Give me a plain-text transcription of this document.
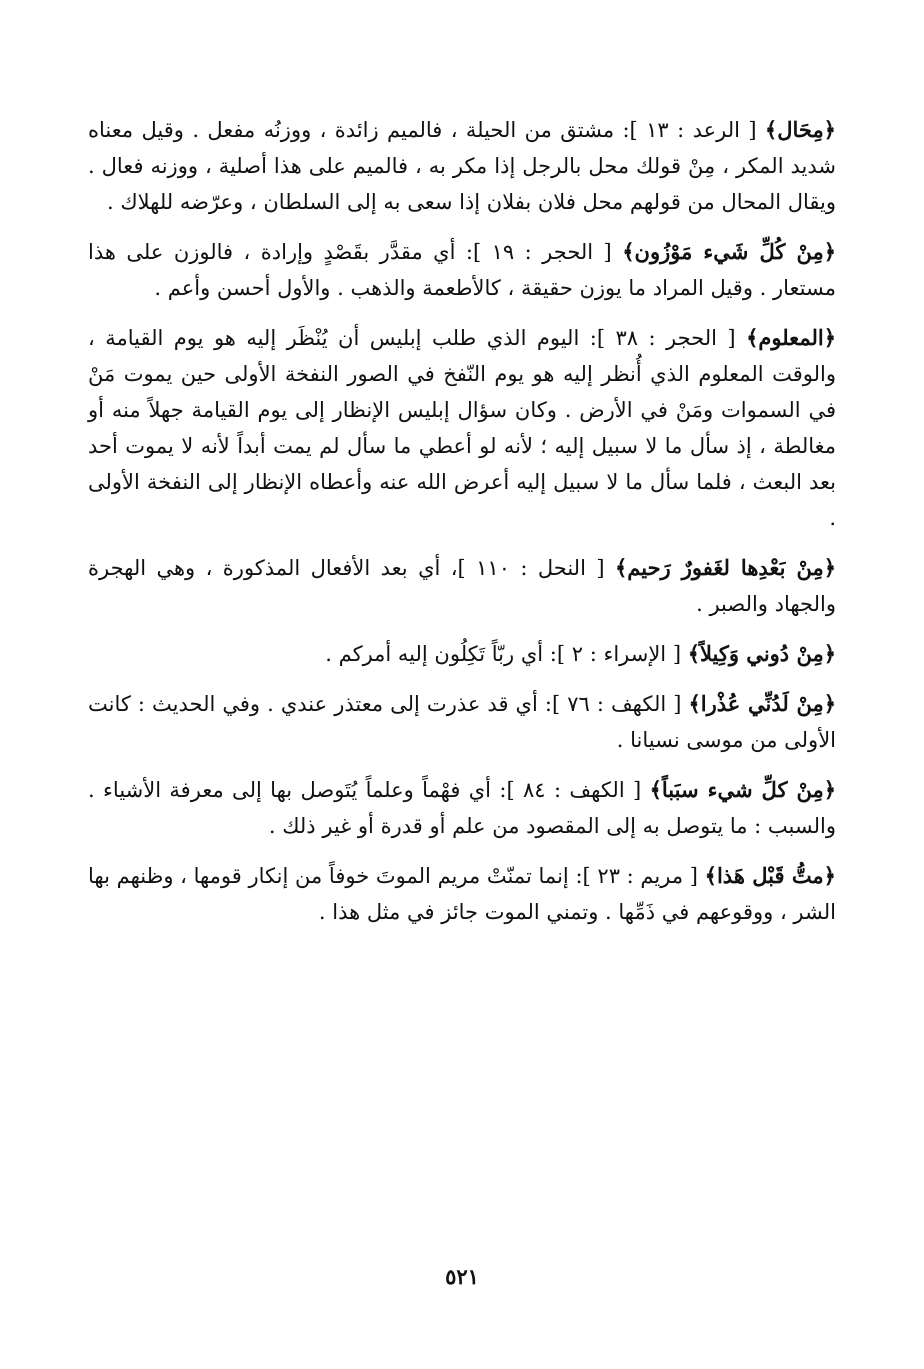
﴿مِحَال﴾ [ الرعد : ١٣ ]: مشتق من الحيلة ، فالميم زائدة ، ووزنُه مفعل . وقيل معناه شديد المكر ، مِنْ قولك محل بالرجل إذا مكر به ، فالميم على هذا أصلية ، ووزنه فعال . ويقال المحال من قولهم محل فلان بفلان إذا سعى به إلى السلطان ، وعرّضه للهلاك .

﴿مِنْ كُلِّ شَيء مَوْزُون﴾ [ الحجر : ١٩ ]: أي مقدَّر بقَصْدٍ وإرادة ، فالوزن على هذا مستعار . وقيل المراد ما يوزن حقيقة ، كالأطعمة والذهب . والأول أحسن وأعم .

﴿المعلوم﴾ [ الحجر : ٣٨ ]: اليوم الذي طلب إبليس أن يُنْظَر إليه هو يوم القيامة ، والوقت المعلوم الذي أُنظر إليه هو يوم النّفخ في الصور النفخة الأولى حين يموت مَنْ في السموات ومَنْ في الأرض . وكان سؤال إبليس الإنظار إلى يوم القيامة جهلاً منه أو مغالطة ، إذ سأل ما لا سبيل إليه ؛ لأنه لو أعطي ما سأل لم يمت أبداً لأنه لا يموت أحد بعد البعث ، فلما سأل ما لا سبيل إليه أعرض الله عنه وأعطاه الإنظار إلى النفخة الأولى .

﴿مِنْ بَعْدِها لغَفورٌ رَحيم﴾ [ النحل : ١١٠ ]، أي بعد الأفعال المذكورة ، وهي الهجرة والجهاد والصبر .

﴿مِنْ دُوني وَكِيلاً﴾ [ الإسراء : ٢ ]: أي ربّاً تَكِلُون إليه أمركم .

﴿مِنْ لَدُنِّي عُذْرا﴾ [ الكهف : ٧٦ ]: أي قد عذرت إلى معتذر عندي . وفي الحديث : كانت الأولى من موسى نسيانا .

﴿مِنْ كلِّ شيء سبَباً﴾ [ الكهف : ٨٤ ]: أي فهْماً وعلماً يُتَوصل بها إلى معرفة الأشياء . والسبب : ما يتوصل به إلى المقصود من علم أو قدرة أو غير ذلك .

﴿متُّ قَبْل هَذا﴾ [ مريم : ٢٣ ]: إنما تمنّتْ مريم الموتَ خوفاً من إنكار قومها ، وظنهم بها الشر ، ووقوعهم في ذَمِّها . وتمني الموت جائز في مثل هذا .

٥٢١
